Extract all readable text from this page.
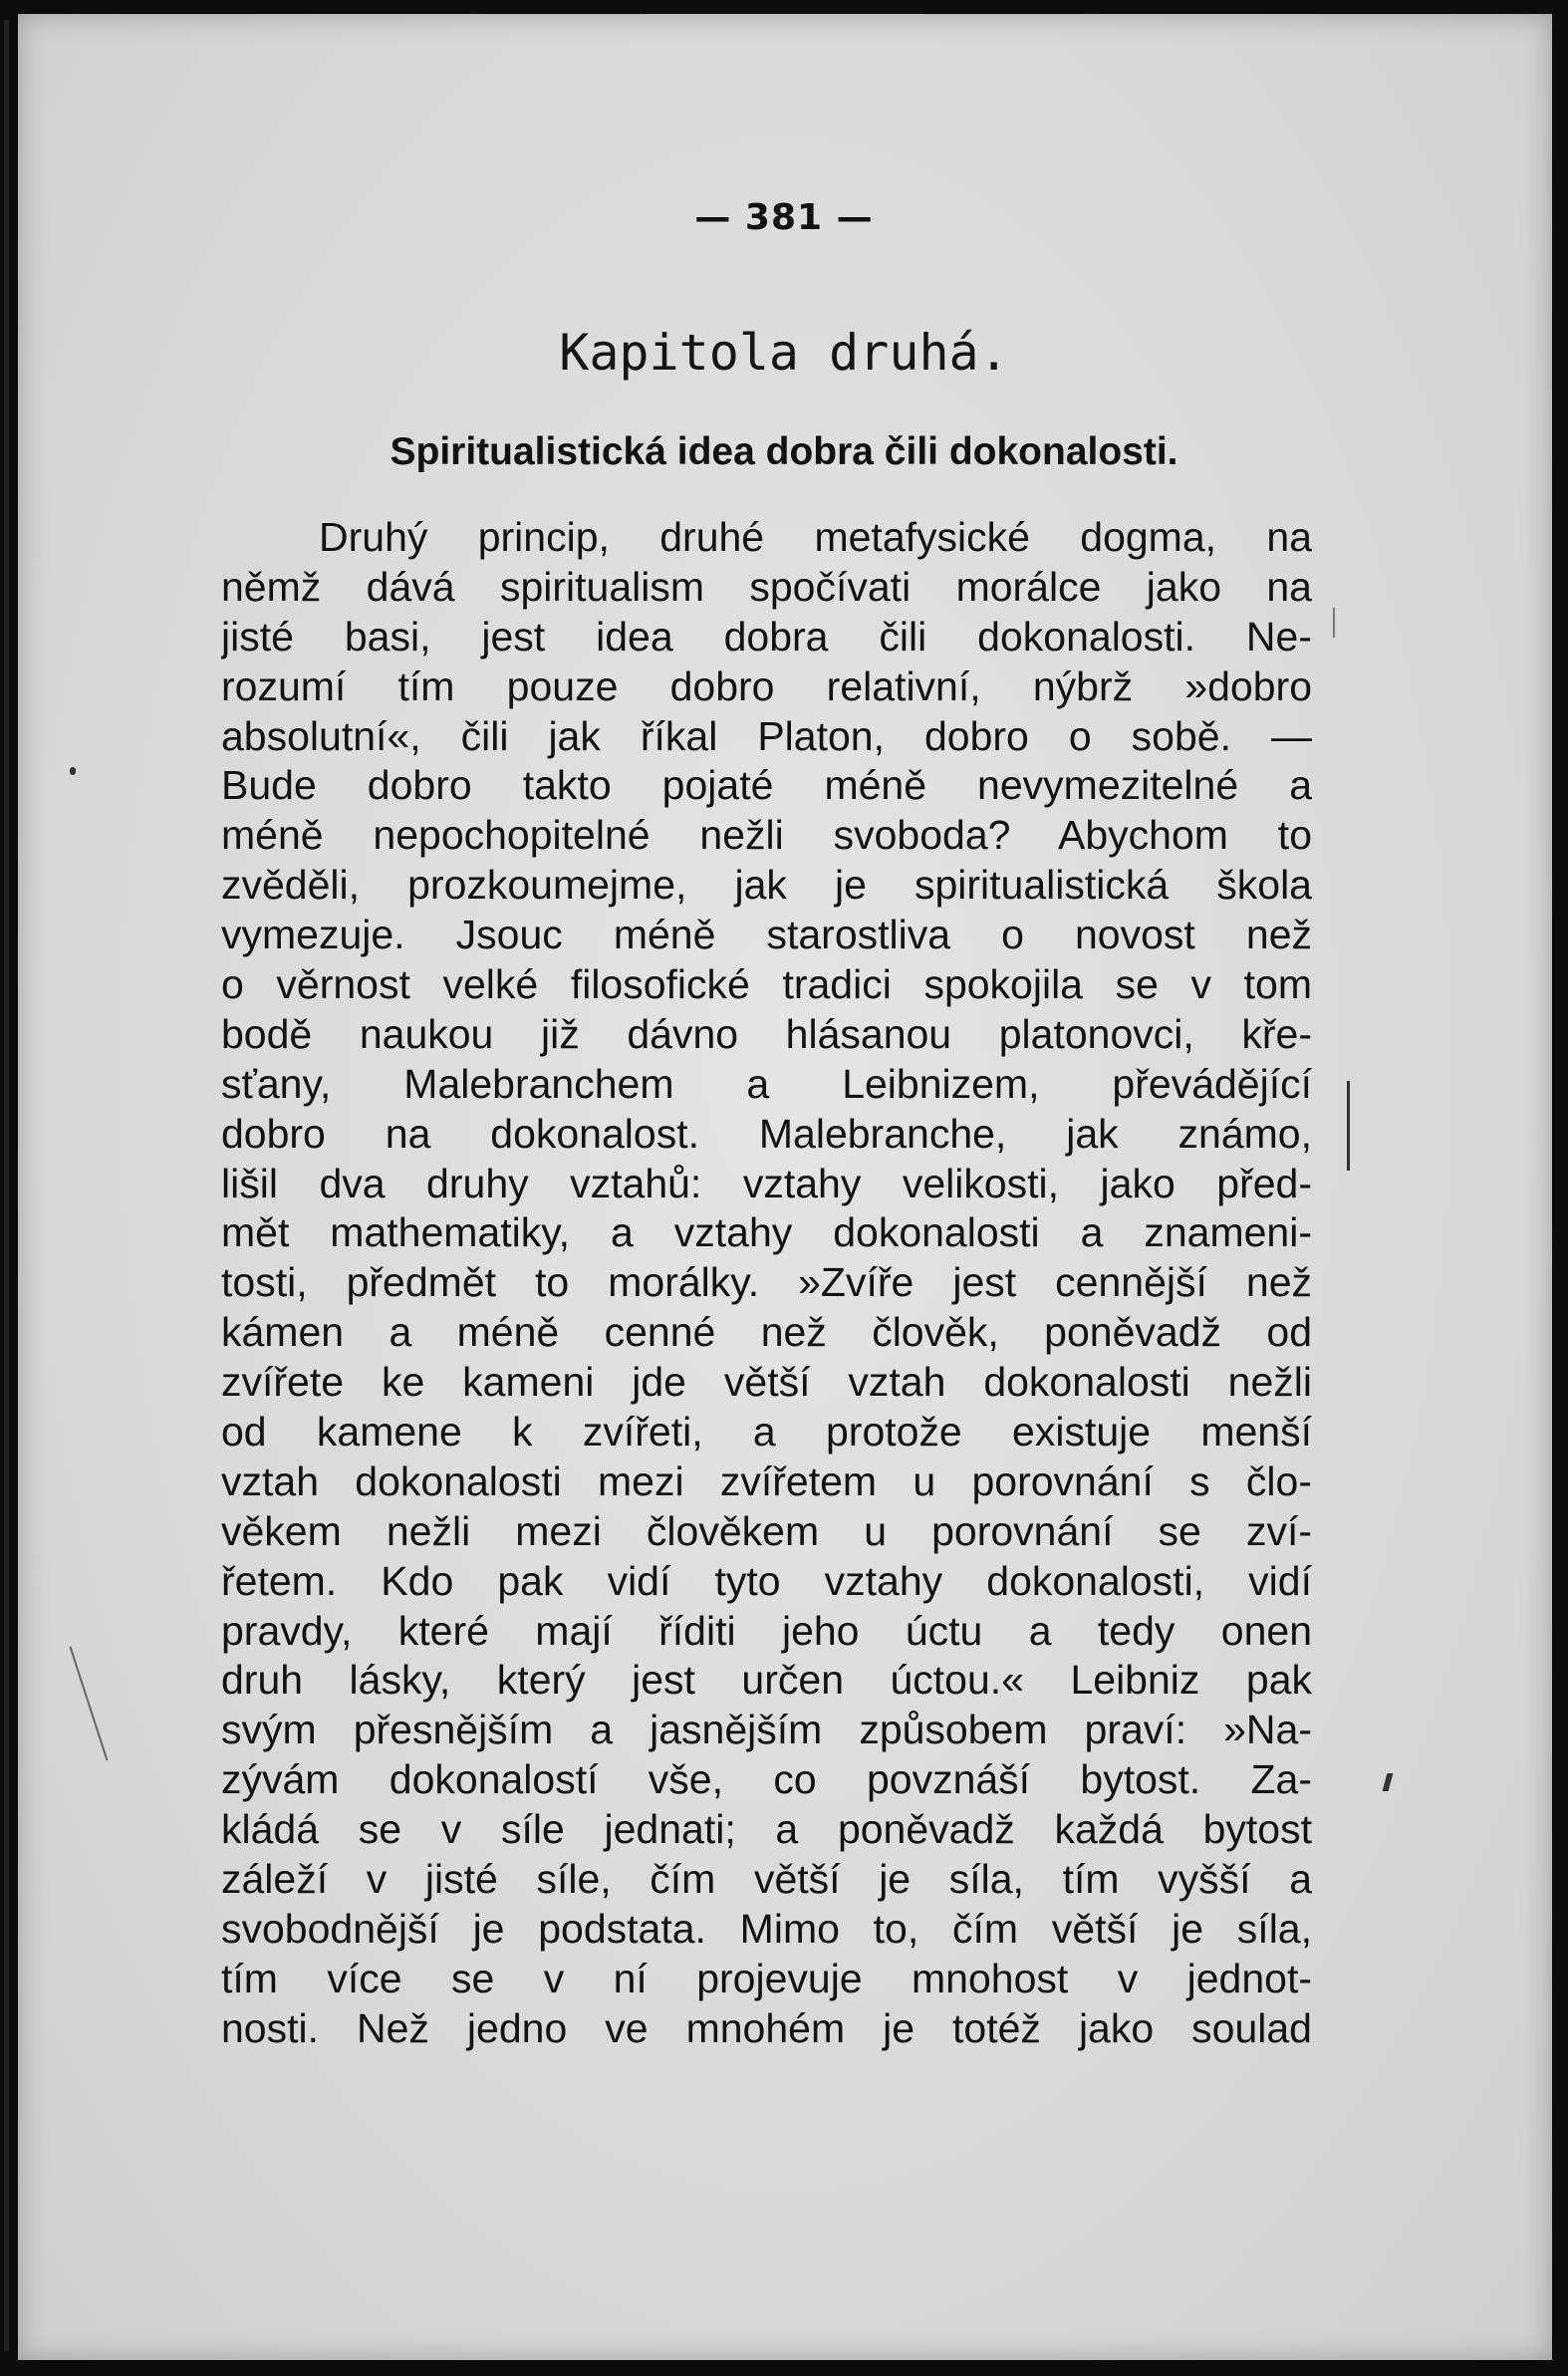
— 381 —
Kapitola druhá.
Spiritualistická idea dobra čili dokonalosti.
Druhý princip, druhé metafysické dogma, na
němž dává spiritualism spočívati morálce jako na
jisté basi, jest idea dobra čili dokonalosti. Ne-
rozumí tím pouze dobro relativní, nýbrž »dobro
absolutní«, čili jak říkal Platon, dobro o sobě. —
Bude dobro takto pojaté méně nevymezitelné a
méně nepochopitelné nežli svoboda? Abychom to
zvěděli, prozkoumejme, jak je spiritualistická škola
vymezuje. Jsouc méně starostliva o novost než
o věrnost velké filosofické tradici spokojila se v tom
bodě naukou již dávno hlásanou platonovci, kře-
sťany, Malebranchem a Leibnizem, převádějící
dobro na dokonalost. Malebranche, jak známo,
lišil dva druhy vztahů: vztahy velikosti, jako před-
mět mathematiky, a vztahy dokonalosti a znameni-
tosti, předmět to morálky. »Zvíře jest cennější než
kámen a méně cenné než člověk, poněvadž od
zvířete ke kameni jde větší vztah dokonalosti nežli
od kamene k zvířeti, a protože existuje menší
vztah dokonalosti mezi zvířetem u porovnání s člo-
věkem nežli mezi člověkem u porovnání se zví-
řetem. Kdo pak vidí tyto vztahy dokonalosti, vidí
pravdy, které mají říditi jeho úctu a tedy onen
druh lásky, který jest určen úctou.« Leibniz pak
svým přesnějším a jasnějším způsobem praví: »Na-
zývám dokonalostí vše, co povznáší bytost. Za-
kládá se v síle jednati; a poněvadž každá bytost
záleží v jisté síle, čím větší je síla, tím vyšší a
svobodnější je podstata. Mimo to, čím větší je síla,
tím více se v ní projevuje mnohost v jednot-
nosti. Než jedno ve mnohém je totéž jako soulad
